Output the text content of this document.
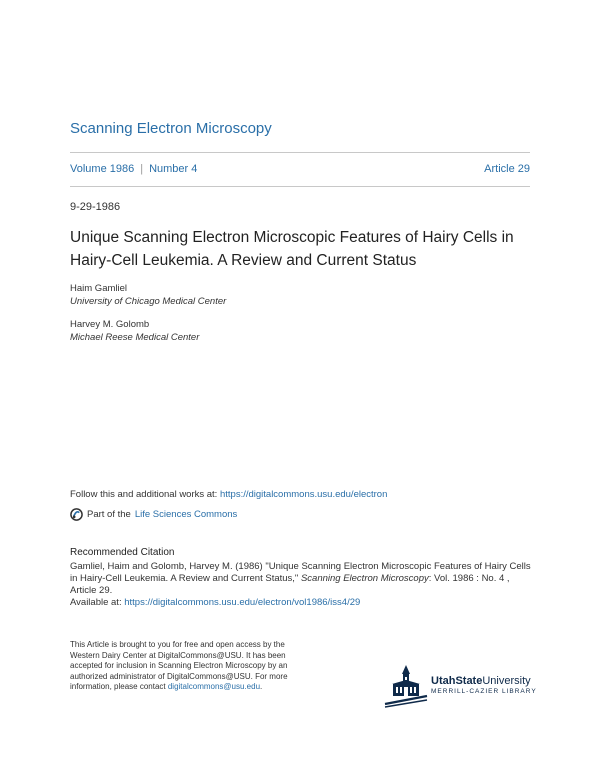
Scanning Electron Microscopy
Volume 1986 | Number 4	Article 29
9-29-1986
Unique Scanning Electron Microscopic Features of Hairy Cells in Hairy-Cell Leukemia. A Review and Current Status
Haim Gamliel
University of Chicago Medical Center
Harvey M. Golomb
Michael Reese Medical Center
Follow this and additional works at: https://digitalcommons.usu.edu/electron
Part of the Life Sciences Commons
Recommended Citation
Gamliel, Haim and Golomb, Harvey M. (1986) "Unique Scanning Electron Microscopic Features of Hairy Cells in Hairy-Cell Leukemia. A Review and Current Status," Scanning Electron Microscopy: Vol. 1986 : No. 4 , Article 29.
Available at: https://digitalcommons.usu.edu/electron/vol1986/iss4/29
This Article is brought to you for free and open access by the Western Dairy Center at DigitalCommons@USU. It has been accepted for inclusion in Scanning Electron Microscopy by an authorized administrator of DigitalCommons@USU. For more information, please contact digitalcommons@usu.edu.	UtahStateUniversity
MERRILL-CAZIER LIBRARY
